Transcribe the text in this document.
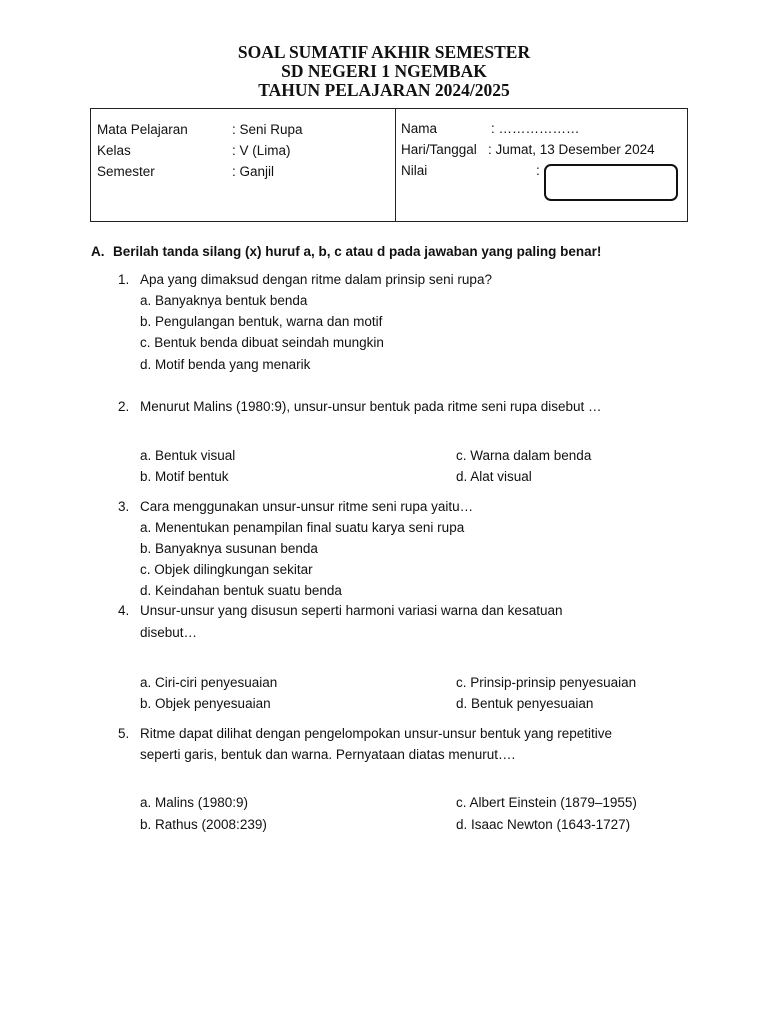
SOAL SUMATIF AKHIR SEMESTER
SD NEGERI 1 NGEMBAK
TAHUN PELAJARAN 2024/2025
Mata Pelajaran	: Seni Rupa
Kelas	: V (Lima)
Semester	: Ganjil
Nama	: ………………
Hari/Tanggal : Jumat, 13 Desember 2024
Nilai	:
A. Berilah tanda silang (x) huruf a, b, c atau d pada jawaban yang paling benar!
1. Apa yang dimaksud dengan ritme dalam prinsip seni rupa?
a. Banyaknya bentuk benda
b. Pengulangan bentuk, warna dan motif
c. Bentuk benda dibuat seindah mungkin
d. Motif benda yang menarik
2. Menurut Malins (1980:9), unsur-unsur bentuk pada ritme seni rupa disebut …
a. Bentuk visual
b. Motif bentuk
c. Warna dalam benda
d. Alat visual
3. Cara menggunakan unsur-unsur ritme seni rupa yaitu…
a. Menentukan penampilan final suatu karya seni rupa
b. Banyaknya susunan benda
c. Objek dilingkungan sekitar
d. Keindahan bentuk suatu benda
4. Unsur-unsur yang disusun seperti harmoni variasi warna dan kesatuan
disebut…
a. Ciri-ciri penyesuaian
b. Objek penyesuaian
c. Prinsip-prinsip penyesuaian
d. Bentuk penyesuaian
5. Ritme dapat dilihat dengan pengelompokan unsur-unsur bentuk yang repetitive
seperti garis, bentuk dan warna. Pernyataan diatas menurut….
a. Malins (1980:9)
b. Rathus (2008:239)
c. Albert Einstein (1879–1955)
d. Isaac Newton (1643-1727)
